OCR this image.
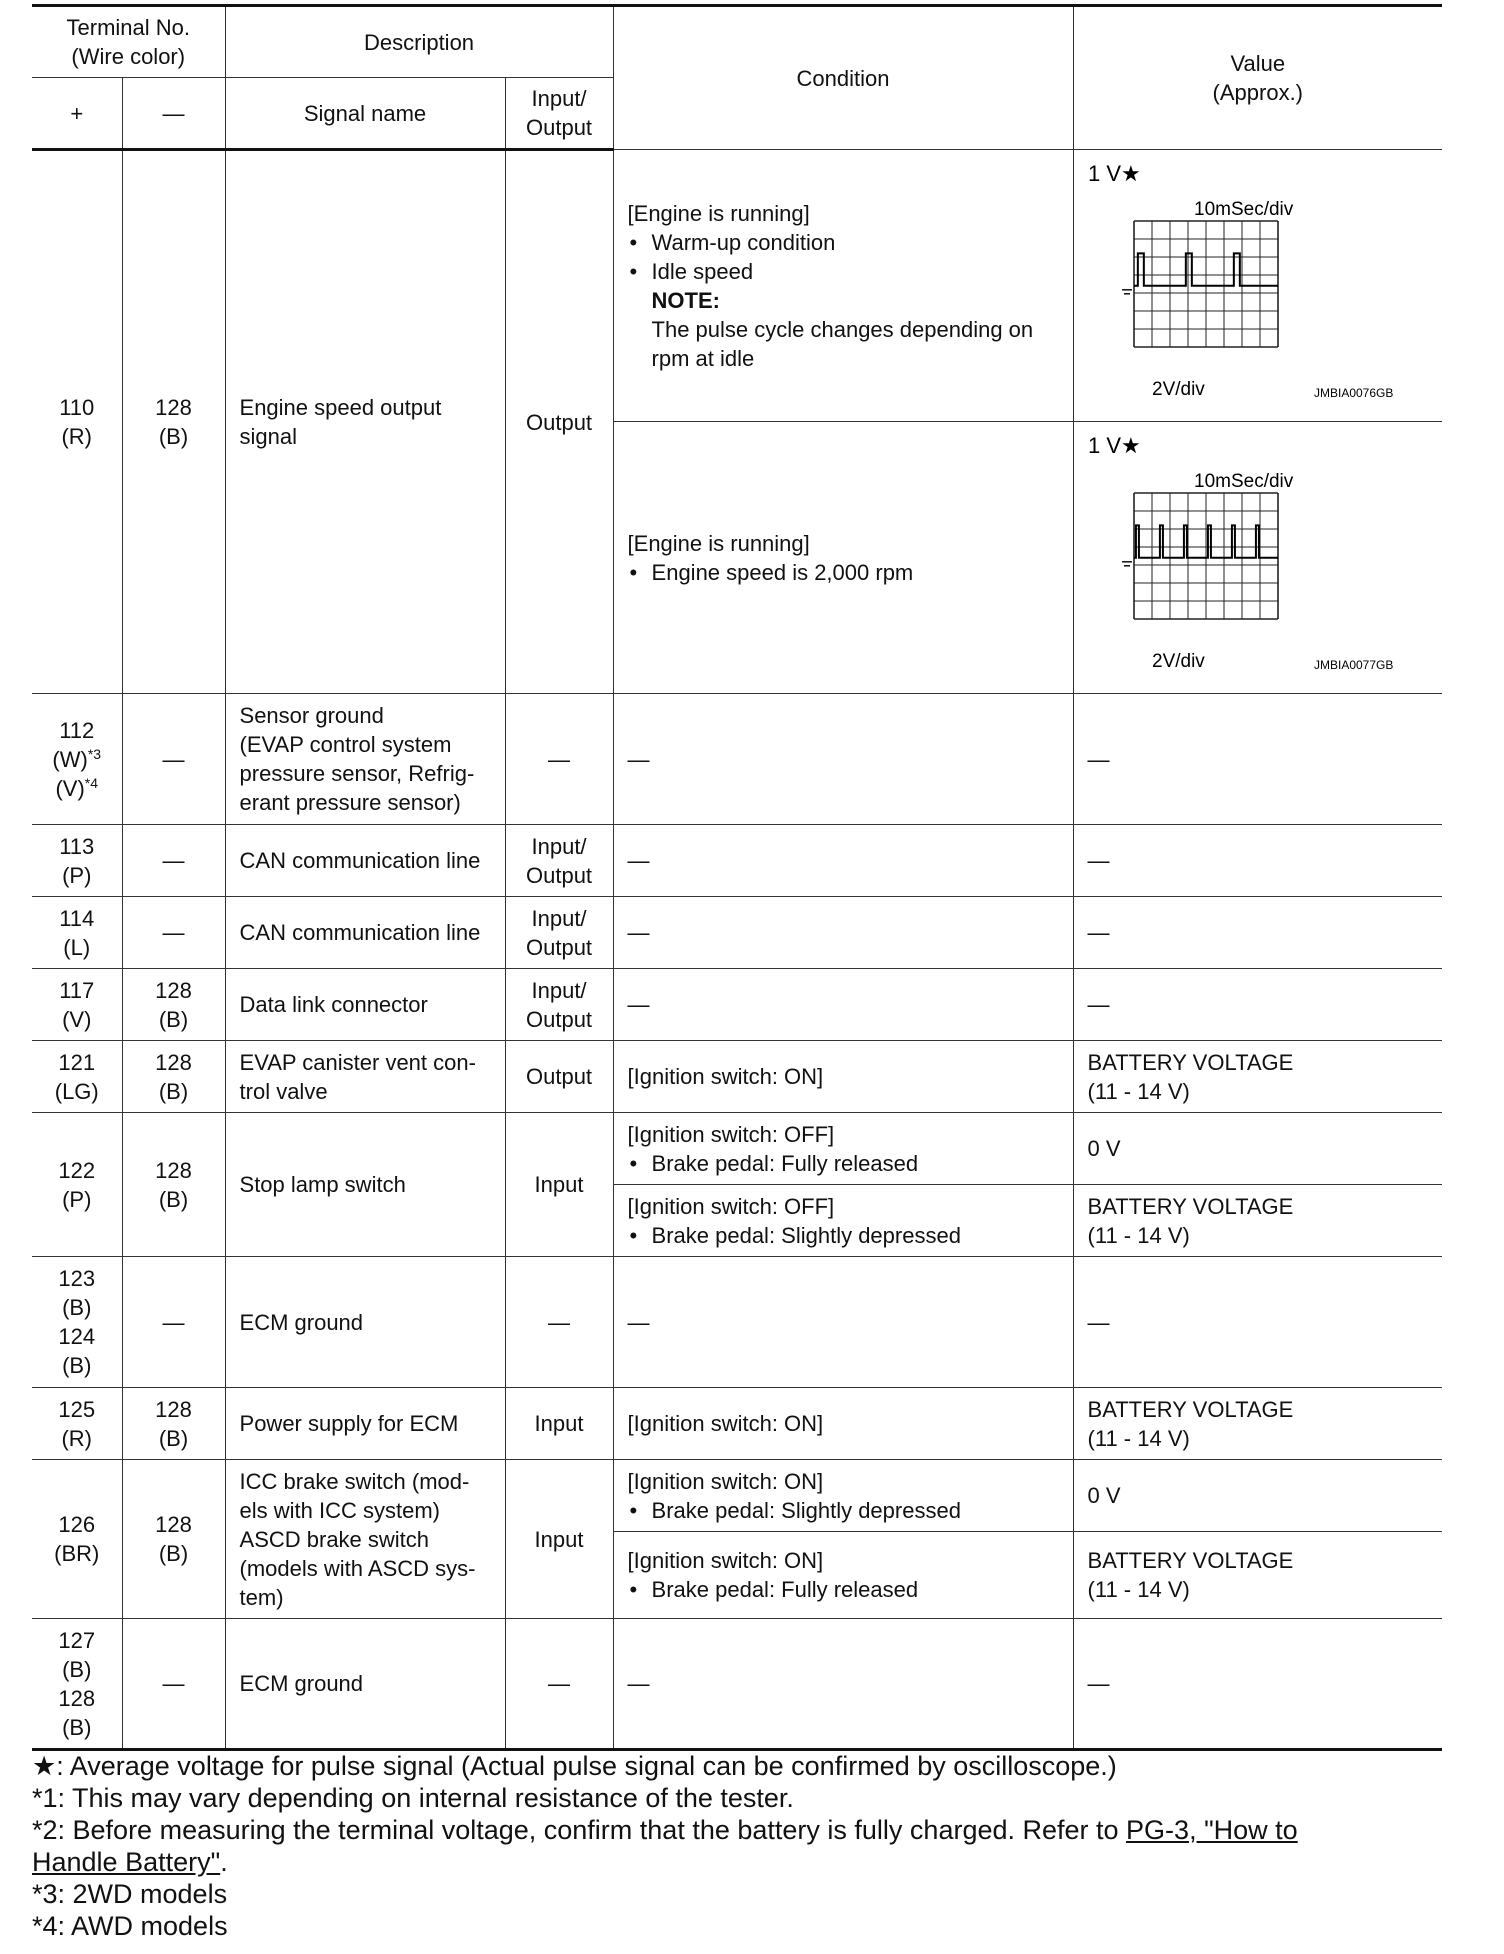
Terminal No.
(Wire color)		Description		Condition	Value
(Approx.)

+	—	Signal name	Input/
Output		

110
(R)	128
(B)	Engine speed output signal	Output	[Engine is running]
• Warm-up condition
• Idle speed
NOTE:
The pulse cycle changes depending on rpm at idle	1 V★
10mSec/div
2V/div JMBIA0076GB

				[Engine is running]
• Engine speed is 2,000 rpm	1 V★
10mSec/div
2V/div JMBIA0077GB

112
$(W)^{*3}$
$(V)^{*4}$	—	Sensor ground
(EVAP control system
pressure sensor, Refrig-
erant pressure sensor)	—	—	—

113
(P)	—	CAN communication line	Input/
Output	—	—

114
(L)	—	CAN communication line	Input/
Output	—	—

117
(V)	128
(B)	Data link connector	Input/
Output	—	—

121
(LG)	128
(B)	EVAP canister vent con-
trol valve	Output	[Ignition switch: ON]	BATTERY VOLTAGE
(11 - 14 V)

122
(P)	128
(B)	Stop lamp switch	Input	[Ignition switch: OFF]
• Brake pedal: Fully released	0 V

				[Ignition switch: OFF]
• Brake pedal: Slightly depressed	BATTERY VOLTAGE
(11 - 14 V)

123
(B)
124
(B)	—	ECM ground	—	—	—

125
(R)	128
(B)	Power supply for ECM	Input	[Ignition switch: ON]	BATTERY VOLTAGE
(11 - 14 V)

126
(BR)	128
(B)	ICC brake switch (mod-
els with ICC system)
ASCD brake switch
(models with ASCD sys-
tem)	Input	[Ignition switch: ON]
• Brake pedal: Slightly depressed	0 V

				[Ignition switch: ON]
• Brake pedal: Fully released	BATTERY VOLTAGE
(11 - 14 V)

127
(B)
128
(B)	—	ECM ground	—	—	—
★: Average voltage for pulse signal (Actual pulse signal can be confirmed by oscilloscope.)
*1: This may vary depending on internal resistance of the tester.
*2: Before measuring the terminal voltage, confirm that the battery is fully charged. Refer to PG-3, "How to
Handle Battery".
*3: 2WD models
*4: AWD models
